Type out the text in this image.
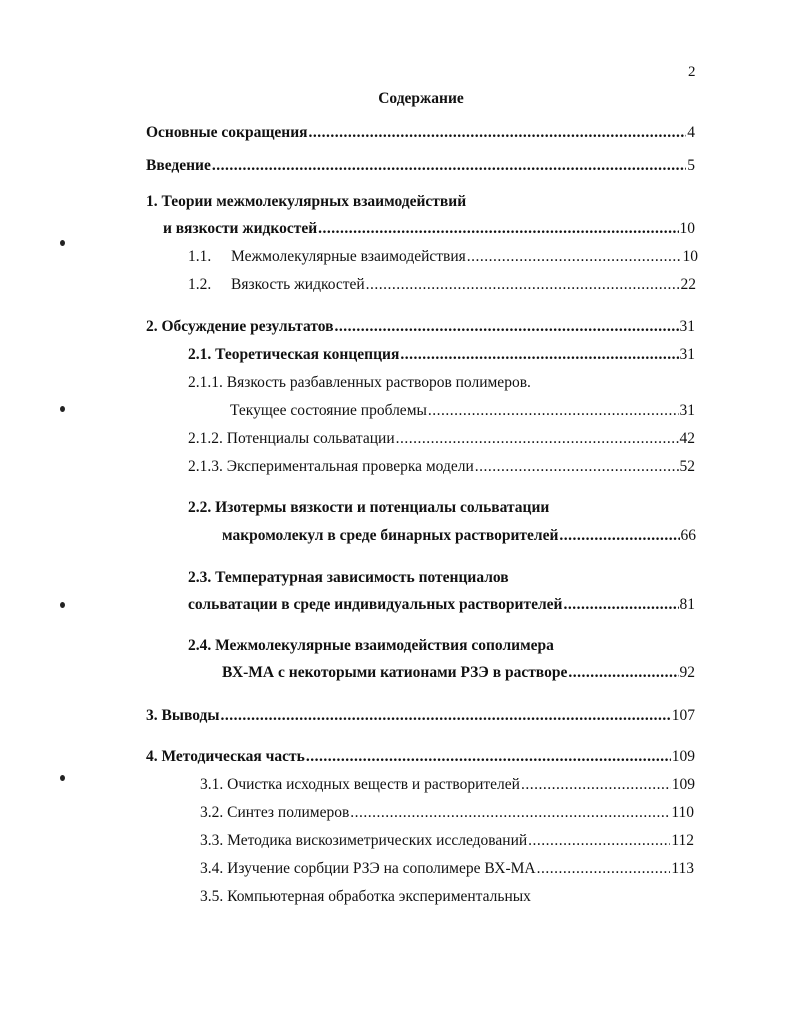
2
Содержание
Основные сокращения .....	4
Введение .....	5
1. Теории межмолекулярных взаимодействий
и вязкости жидкостей .....	10
1.1. Межмолекулярные взаимодействия .....	10
1.2. Вязкость жидкостей .....	22
2. Обсуждение результатов .....	31
2.1. Теоретическая концепция .....	31
2.1.1. Вязкость разбавленных растворов полимеров.
Текущее состояние проблемы .....	31
2.1.2. Потенциалы сольватации .....	42
2.1.3. Экспериментальная проверка модели .....	52
2.2. Изотермы вязкости и потенциалы сольватации
макромолекул в среде бинарных растворителей .....	66
2.3. Температурная зависимость потенциалов
сольватации в среде индивидуальных растворителей .....	81
2.4. Межмолекулярные взаимодействия сополимера
ВХ-МА с некоторыми катионами РЗЭ в растворе .....	92
3. Выводы .....	107
4. Методическая часть .....	109
3.1. Очистка исходных веществ и растворителей .....	109
3.2. Синтез полимеров .....	110
3.3. Методика вискозиметрических исследований .....	112
3.4. Изучение сорбции РЗЭ на сополимере ВХ-МА .....	113
3.5. Компьютерная обработка экспериментальных
